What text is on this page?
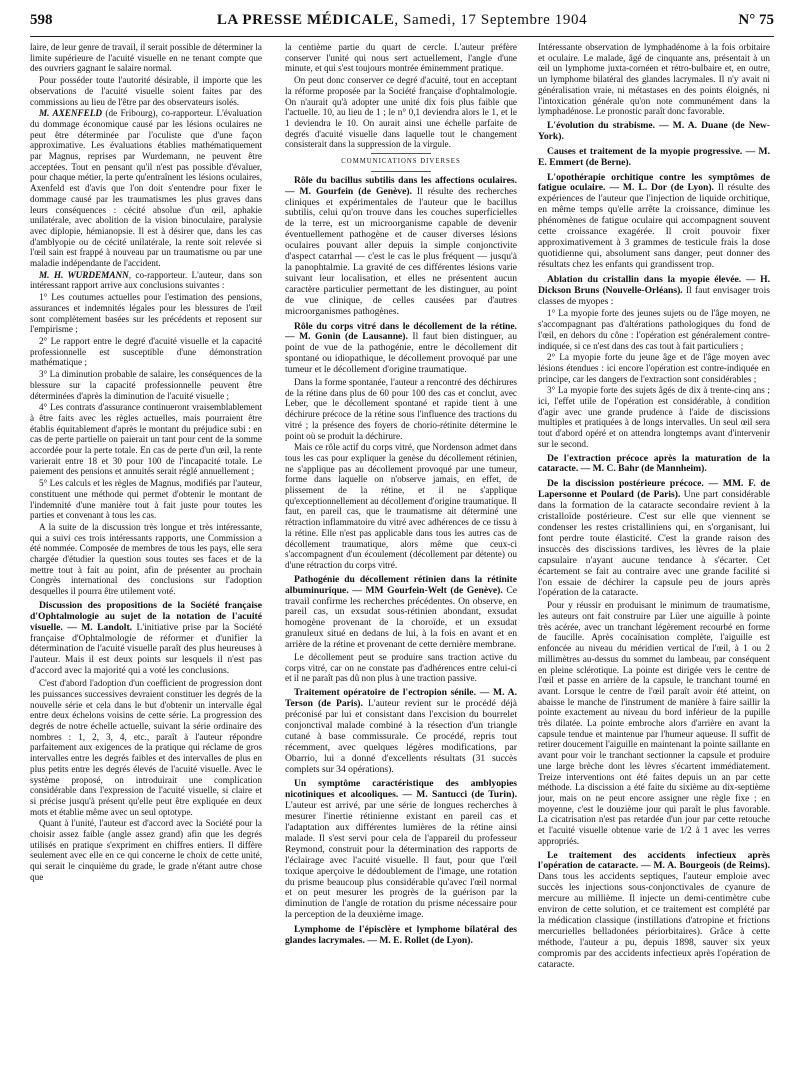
598	LA PRESSE MÉDICALE, Samedi, 17 Septembre 1904	N° 75

laire, de leur genre de travail, il serait possible de déterminer la limite supérieure de l'acuité visuelle en ne tenant compte que des ouvriers gagnant le salaire normal.

Pour posséder toute l'autorité désirable, il importe que les observations de l'acuité visuelle soient faites par des commissions au lieu de l'être par des observateurs isolés.

M. AXENFELD (de Fribourg), co-rapporteur. L'évaluation du dommage économique causé par les lésions oculaires ne peut être déterminée par l'oculiste que d'une façon approximative. Les évaluations établies mathématiquement par Magnus, reprises par Wurdemann, ne peuvent être acceptées. Tout en pensant qu'il n'est pas possible d'évaluer, pour chaque métier, la perte qu'entraînent les lésions oculaires, Axenfeld est d'avis que l'on doit s'entendre pour fixer le dommage causé par les traumatismes les plus graves dans leurs conséquences : cécité absolue d'un œil, aphakie unilatérale, avec abolition de la vision binoculaire, paralysie avec diplopie, hémianopsie. Il est à désirer que, dans les cas d'amblyopie ou de cécité unilatérale, la rente soit relevée si l'œil sain est frappé à nouveau par un traumatisme ou par une maladie indépendante de l'accident.

M. H. WURDEMANN, co-rapporteur. L'auteur, dans son intéressant rapport arrive aux conclusions suivantes :

1° Les coutumes actuelles pour l'estimation des pensions, assurances et indemnités légales pour les blessures de l'œil sont complètement basées sur les précédents et reposent sur l'empirisme ;

2° Le rapport entre le degré d'acuité visuelle et la capacité professionnelle est susceptible d'une démonstration mathématique ;

3° La diminution probable de salaire, les conséquences de la blessure sur la capacité professionnelle peuvent être déterminées d'après la diminution de l'acuité visuelle ;

4° Les contrats d'assurance continueront vraisemblablement à être faits avec les règles actuelles, mais pourraient être établis équitablement d'après le montant du préjudice subi : en cas de perte partielle on paierait un tant pour cent de la somme accordée pour la perte totale. En cas de perte d'un œil, la rente varierait entre 18 et 30 pour 100 de l'incapacité totale. Le paiement des pensions et annuités serait réglé annuellement ;

5° Les calculs et les règles de Magnus, modifiés par l'auteur, constituent une méthode qui permet d'obtenir le montant de l'indemnité d'une manière tout à fait juste pour toutes les parties et convenant à tous les cas.

A la suite de la discussion très longue et très intéressante, qui a suivi ces trois intéressants rapports, une Commission a été nommée. Composée de membres de tous les pays, elle sera chargée d'étudier la question sous toutes ses faces et de la mettre tout à fait au point, afin de présenter au prochain Congrès international des conclusions sur l'adoption desquelles il pourra être utilement voté.

Discussion des propositions de la Société française d'Ophtalmologie au sujet de la notation de l'acuité visuelle. — M. Landolt. L'initiative prise par la Société française d'Ophtalmologie de réformer et d'unifier la détermination de l'acuité visuelle paraît des plus heureuses à l'auteur. Mais il est deux points sur lesquels il n'est pas d'accord avec la majorité qui a voté les conclusions.

C'est d'abord l'adoption d'un coefficient de progression dont les puissances successives devraient constituer les degrés de la nouvelle série et cela dans le but d'obtenir un intervalle égal entre deux échelons voisins de cette série. La progression des degrés de notre échelle actuelle, suivant la série ordinaire des nombres : 1, 2, 3, 4, etc., paraît à l'auteur répondre parfaitement aux exigences de la pratique qui réclame de gros intervalles entre les degrés faibles et des intervalles de plus en plus petits entre les degrés élevés de l'acuité visuelle. Avec le système proposé, on introduirait une complication considérable dans l'expression de l'acuité visuelle, si claire et si précise jusqu'à présent qu'elle peut être expliquée en deux mots et établie même avec un seul optotype.

Quant à l'unité, l'auteur est d'accord avec la Société pour la choisir assez faible (angle assez grand) afin que les degrés utilisés en pratique s'expriment en chiffres entiers. Il diffère seulement avec elle en ce qui concerne le choix de cette unité, qui serait le cinquième du grade, le grade n'étant autre chose que

la centième partie du quart de cercle. L'auteur préfère conserver l'unité qui nous sert actuellement, l'angle d'une minute, et qui s'est toujours montrée éminemment pratique.

On peut donc conserver ce degré d'acuité, tout en acceptant la réforme proposée par la Société française d'ophtalmologie. On n'aurait qu'à adopter une unité dix fois plus faible que l'actuelle. 10, au lieu de 1 ; le n° 0,1 deviendra alors le 1, et le 1 deviendra le 10. On aurait ainsi une échelle parfaite de degrés d'acuité visuelle dans laquelle tout le changement consisterait dans la suppression de la virgule.

COMMUNICATIONS DIVERSES

Rôle du bacillus subtilis dans les affections oculaires. — M. Gourfein (de Genève). Il résulte des recherches cliniques et expérimentales de l'auteur que le bacillus subtilis, celui qu'on trouve dans les couches superficielles de la terre, est un microorganisme capable de devenir éventuellement pathogène et de causer diverses lésions oculaires pouvant aller depuis la simple conjonctivite d'aspect catarrhal — c'est le cas le plus fréquent — jusqu'à la panophtalmie. La gravité de ces différentes lésions varie suivant leur localisation, et elles ne présentent aucun caractère particulier permettant de les distinguer, au point de vue clinique, de celles causées par d'autres microorganismes pathogènes.
Rôle du corps vitré dans le décollement de la rétine. — M. Gonin (de Lausanne). Il faut bien distinguer, au point de vue de la pathogénie, entre le décollement dit spontané ou idiopathique, le décollement provoqué par une tumeur et le décollement d'origine traumatique.

Dans la forme spontanée, l'auteur a rencontré des déchirures de la rétine dans plus de 60 pour 100 des cas et conclut, avec Leber, que le décollement spontané et rapide tient à une déchirure précoce de la rétine sous l'influence des tractions du vitré ; la présence des foyers de chorio-rétinite détermine le point où se produit la déchirure.

Mais ce rôle actif du corps vitré, que Nordenson admet dans tous les cas pour expliquer la genèse du décollement rétinien, ne s'applique pas au décollement provoqué par une tumeur, forme dans laquelle on n'observe jamais, en effet, de plissement de la rétine, et il ne s'applique qu'exceptionnellement au décollement d'origine traumatique. Il faut, en pareil cas, que le traumatisme ait déterminé une rétraction inflammatoire du vitré avec adhérences de ce tissu à la rétine. Elle n'est pas applicable dans tous les autres cas de décollement traumatique, alors même que ceux-ci s'accompagnent d'un écoulement (décollement par détente) ou d'une rétraction du corps vitré.

Pathogénie du décollement rétinien dans la rétinite albuminurique. — MM Gourfein-Welt (de Genève). Ce travail confirme les recherches précédentes. On observe, en pareil cas, un exsudat sous-rétinien abondant, exsudat homogène provenant de la choroïde, et un exsudat granuleux situé en dedans de lui, à la fois en avant et en arrière de la rétine et provenant de cette dernière membrane.

Le décollement peut se produire sans traction active du corps vitré, car on ne constate pas d'adhérences entre celui-ci et il ne paraît pas dû non plus à une traction passive.

Traitement opératoire de l'ectropion sénile. — M. A. Terson (de Paris). L'auteur revient sur le procédé déjà préconisé par lui et consistant dans l'excision du bourrelet conjonctival malade combiné à la résection d'un triangle cutané à base commissurale. Ce procédé, repris tout récemment, avec quelques légères modifications, par Obarrio, lui a donné d'excellents résultats (31 succès complets sur 34 opérations).
Un symptôme caractéristique des amblyopies nicotiniques et alcooliques. — M. Santucci (de Turin). L'auteur est arrivé, par une série de longues recherches à mesurer l'inertie rétinienne existant en pareil cas et l'adaptation aux différentes lumières de la rétine ainsi malade. Il s'est servi pour cela de l'appareil du professeur Reymond, construit pour la détermination des rapports de l'éclairage avec l'acuité visuelle. Il faut, pour que l'œil toxique aperçoive le dédoublement de l'image, une rotation du prisme beaucoup plus considérable qu'avec l'œil normal et on peut mesurer les progrès de la guérison par la diminution de l'angle de rotation du prisme nécessaire pour la perception de la deuxième image.
Lymphome de l'épisclère et lymphome bilatéral des glandes lacrymales. — M. E. Rollet (de Lyon).

Intéressante observation de lymphadénome à la fois orbitaire et oculaire. Le malade, âgé de cinquante ans, présentait à un œil un lymphome juxta-cornéen et rétro-bulbaire et, en outre, un lymphome bilatéral des glandes lacrymales. Il n'y avait ni généralisation vraie, ni métastases en des points éloignés, ni l'intoxication générale qu'on note communément dans la lymphadénose. Le pronostic paraît donc favorable.

L'évolution du strabisme. — M. A. Duane (de New-York).
Causes et traitement de la myopie progressive. — M. E. Emmert (de Berne).
L'opothérapie orchitique contre les symptômes de fatigue oculaire. — M. L. Dor (de Lyon). Il résulte des expériences de l'auteur que l'injection de liquide orchitique, en même temps qu'elle arrête la croissance, diminue les phénomènes de fatigue oculaire qui accompagnent souvent cette croissance exagérée. Il croit pouvoir fixer approximativement à 3 grammes de testicule frais la dose quotidienne qui, absolument sans danger, peut donner des résultats chez les enfants qui grandissent trop.
Ablation du cristallin dans la myopie élevée. — H. Dickson Bruns (Nouvelle-Orléans). Il faut envisager trois classes de myopes :

1° La myopie forte des jeunes sujets ou de l'âge moyen, ne s'accompagnant pas d'altérations pathologiques du fond de l'œil, en dehors du cône : l'opération est généralement contre-indiquée, si ce n'est dans des cas tout à fait particuliers ;

2° La myopie forte du jeune âge et de l'âge moyen avec lésions étendues : ici encore l'opération est contre-indiquée en principe, car les dangers de l'extraction sont considérables ;

3° La myopie forte des sujets âgés de dix à trente-cinq ans ; ici, l'effet utile de l'opération est considérable, à condition d'agir avec une grande prudence à l'aide de discissions multiples et pratiquées à de longs intervalles. Un seul œil sera tout d'abord opéré et on attendra longtemps avant d'intervenir sur le second.

De l'extraction précoce après la maturation de la cataracte. — M. C. Bahr (de Mannheim).
De la discission postérieure précoce. — MM. F. de Lapersonne et Poulard (de Paris). Une part considérable dans la formation de la cataracte secondaire revient à la cristalloïde postérieure. C'est sur elle que viennent se condenser les restes cristalliniens qui, en s'organisant, lui font perdre toute élasticité. C'est la grande raison des insuccès des discissions tardives, les lèvres de la plaie capsulaire n'ayant aucune tendance à s'écarter. Cet écartement se fait au contraire avec une grande facilité si l'on essaie de déchirer la capsule peu de jours après l'opération de la cataracte.

Pour y réussir en produisant le minimum de traumatisme, les auteurs ont fait construire par Lüer une aiguille à pointe très acérée, avec un tranchant légèrement recourbé en forme de faucille. Après cocaïnisation complète, l'aiguille est enfoncée au niveau du méridien vertical de l'œil, à 1 ou 2 millimètres au-dessus du sommet du lambeau, par conséquent en pleine sclérotique. La pointe est dirigée vers le centre de l'œil et passe en arrière de la capsule, le tranchant tourné en avant. Lorsque le centre de l'œil paraît avoir été atteint, on abaisse le manche de l'instrument de manière à faire saillir la pointe exactement au niveau du bord inférieur de la pupille très dilatée. La pointe embroche alors d'arrière en avant la capsule tendue et maintenue par l'humeur aqueuse. Il suffit de retirer doucement l'aiguille en maintenant la pointe saillante en avant pour voir le tranchant sectionner la capsule et produire une large brèche dont les lèvres s'écartent immédiatement. Treize interventions ont été faites depuis un an par cette méthode. La discission a été faite du sixième au dix-septième jour, mais on ne peut encore assigner une règle fixe ; en moyenne, c'est le douzième jour qui paraît le plus favorable. La cicatrisation n'est pas retardée d'un jour par cette retouche et l'acuité visuelle obtenue varie de 1/2 à 1 avec les verres appropriés.

Le traitement des accidents infectieux après l'opération de cataracte. — M. A. Bourgeois (de Reims). Dans tous les accidents septiques, l'auteur emploie avec succès les injections sous-conjonctivales de cyanure de mercure au millième. Il injecte un demi-centimètre cube environ de cette solution, et ce traitement est complété par la médication classique (instillations d'atropine et frictions mercurielles belladonées périorbitaires). Grâce à cette méthode, l'auteur a pu, depuis 1898, sauver six yeux compromis par des accidents infectieux après l'opération de cataracte.
